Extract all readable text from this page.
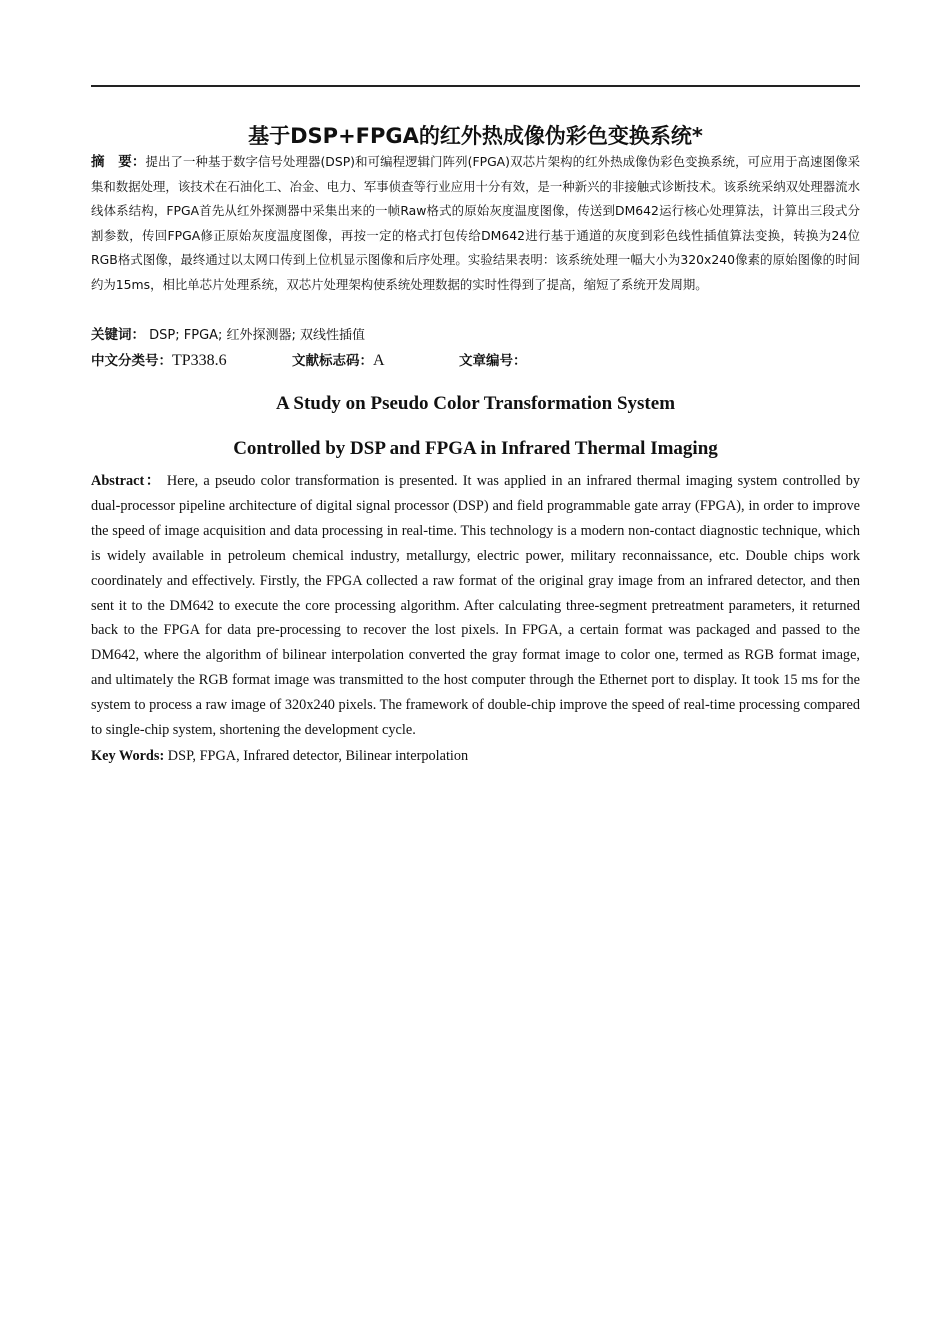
基于DSP+FPGA的红外热成像伪彩色变换系统*

摘　要：提出了一种基于数字信号处理器(DSP)和可编程逻辑门阵列(FPGA)双芯片架构的红外热成像伪彩色变换系统，可应用于高速图像采集和数据处理，该技术在石油化工、冶金、电力、军事侦查等行业应用十分有效，是一种新兴的非接触式诊断技术。该系统采纳双处理器流水线体系结构，FPGA首先从红外探测器中采集出来的一帧Raw格式的原始灰度温度图像，传送到DM642运行核心处理算法，计算出三段式分割参数，传回FPGA修正原始灰度温度图像，再按一定的格式打包传给DM642进行基于通道的灰度到彩色线性插值算法变换，转换为24位RGB格式图像，最终通过以太网口传到上位机显示图像和后序处理。实验结果表明：该系统处理一幅大小为320x240像素的原始图像的时间约为15ms，相比单芯片处理系统，双芯片处理架构使系统处理数据的实时性得到了提高，缩短了系统开发周期。

关键词： DSP; FPGA; 红外探测器; 双线性插值

中文分类号：TP338.6	文献标志码：A	文章编号：
A Study on Pseudo Color Transformation System
Controlled by DSP and FPGA in Infrared Thermal Imaging

Abstract： Here, a pseudo color transformation is presented. It was applied in an infrared thermal imaging system controlled by dual-processor pipeline architecture of digital signal processor (DSP) and field programmable gate array (FPGA), in order to improve the speed of image acquisition and data processing in real-time. This technology is a modern non-contact diagnostic technique, which is widely available in petroleum chemical industry, metallurgy, electric power, military reconnaissance, etc. Double chips work coordinately and effectively. Firstly, the FPGA collected a raw format of the original gray image from an infrared detector, and then sent it to the DM642 to execute the core processing algorithm. After calculating three-segment pretreatment parameters, it returned back to the FPGA for data pre-processing to recover the lost pixels. In FPGA, a certain format was packaged and passed to the DM642, where the algorithm of bilinear interpolation converted the gray format image to color one, termed as RGB format image, and ultimately the RGB format image was transmitted to the host computer through the Ethernet port to display. It took 15 ms for the system to process a raw image of 320x240 pixels. The framework of double-chip improve the speed of real-time processing compared to single-chip system, shortening the development cycle.

Key Words: DSP, FPGA, Infrared detector, Bilinear interpolation
